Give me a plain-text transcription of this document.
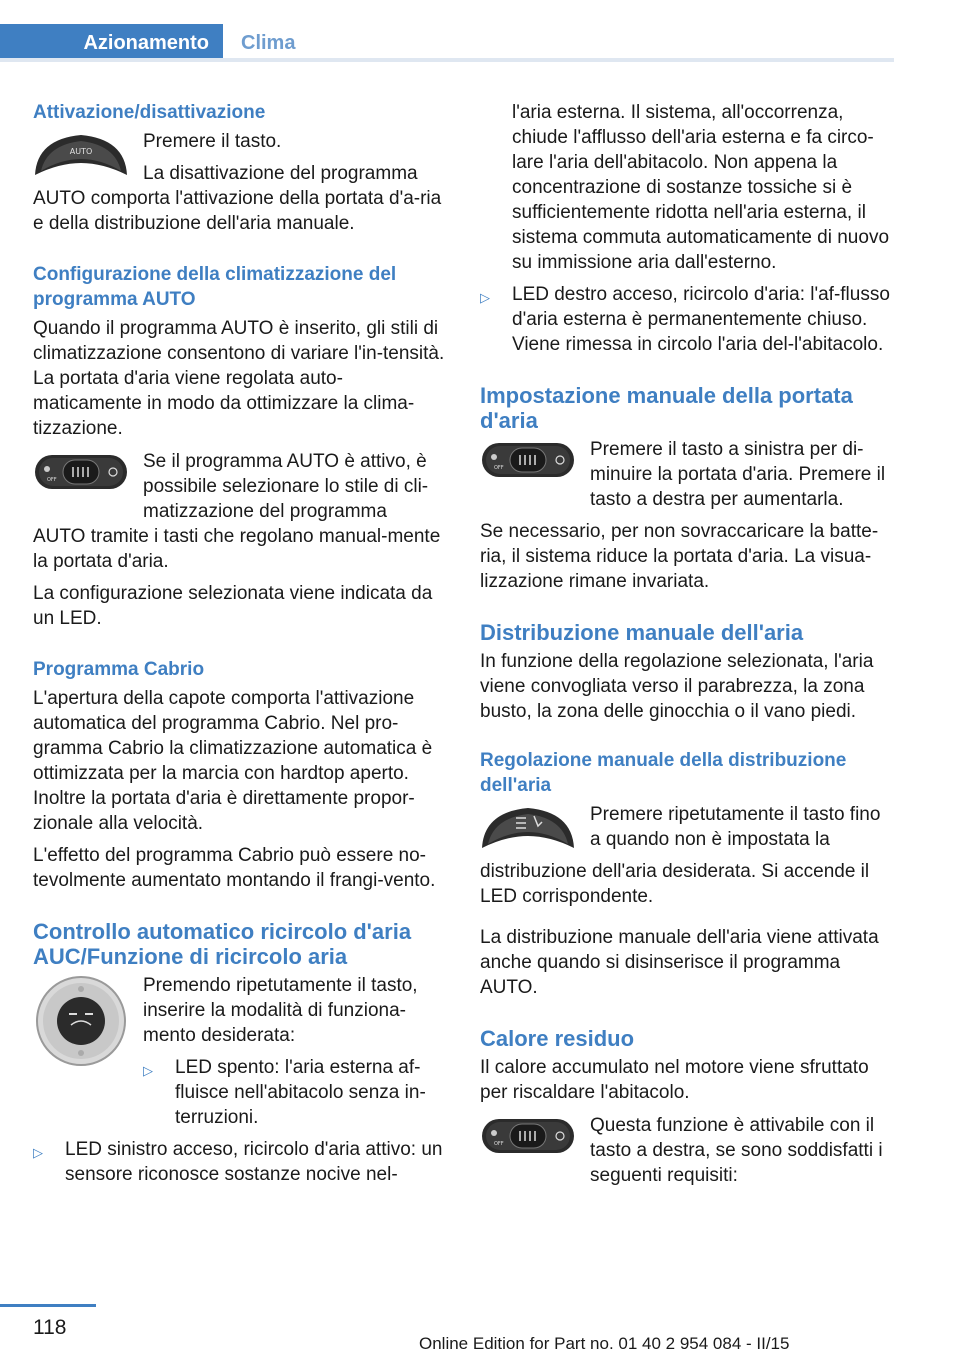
Azionamento	Clima
Attivazione/disattivazione
AUTO	Premere il tasto.

La disattivazione del programma

AUTO comporta l'attivazione della portata d'a-ria e della distribuzione dell'aria manuale.

Configurazione della climatizzazione del programma AUTO

Quando il programma AUTO è inserito, gli stili di climatizzazione consentono di variare l'in-tensità. La portata d'aria viene regolata auto-maticamente in modo da ottimizzare la clima-tizzazione.

OFF

Se il programma AUTO è attivo, è possibile selezionare lo stile di cli-matizzazione del programma

AUTO tramite i tasti che regolano manual-mente la portata d'aria.

La configurazione selezionata viene indicata da un LED.

Programma Cabrio

L'apertura della capote comporta l'attivazione automatica del programma Cabrio. Nel pro-gramma Cabrio la climatizzazione automatica è ottimizzata per la marcia con hardtop aperto. Inoltre la portata d'aria è direttamente propor-zionale alla velocità.

L'effetto del programma Cabrio può essere no-tevolmente aumentato montando il frangi-vento.

Controllo automatico ricircolo d'aria AUC/Funzione di ricircolo aria

Premendo ripetutamente il tasto, inserire la modalità di funziona-mento desiderata:

▷	LED spento: l'aria esterna af-fluisce nell'abitacolo senza in-terruzioni.
▷	LED sinistro acceso, ricircolo d'aria attivo: un sensore riconosce sostanze nocive nel-
l'aria esterna. Il sistema, all'occorrenza, chiude l'afflusso dell'aria esterna e fa circo-lare l'aria dell'abitacolo. Non appena la concentrazione di sostanze tossiche si è sufficientemente ridotta nell'aria esterna, il sistema commuta automaticamente di nuovo su immissione aria dall'esterno.
▷	LED destro acceso, ricircolo d'aria: l'af-flusso d'aria esterna è permanentemente chiuso. Viene rimessa in circolo l'aria del-l'abitacolo.
Impostazione manuale della portata d'aria
OFF

Premere il tasto a sinistra per di-minuire la portata d'aria. Premere il tasto a destra per aumentarla.

Se necessario, per non sovraccaricare la batte-ria, il sistema riduce la portata d'aria. La visua-lizzazione rimane invariata.

Distribuzione manuale dell'aria

In funzione della regolazione selezionata, l'aria viene convogliata verso il parabrezza, la zona busto, la zona delle ginocchia o il vano piedi.

Regolazione manuale della distribuzione dell'aria

Premere ripetutamente il tasto fino a quando non è impostata la

distribuzione dell'aria desiderata. Si accende il LED corrispondente.

La distribuzione manuale dell'aria viene attivata anche quando si disinserisce il programma AUTO.

Calore residuo

Il calore accumulato nel motore viene sfruttato per riscaldare l'abitacolo.

OFF

Questa funzione è attivabile con il tasto a destra, se sono soddisfatti i seguenti requisiti:

118
Online Edition for Part no. 01 40 2 954 084 - II/15
